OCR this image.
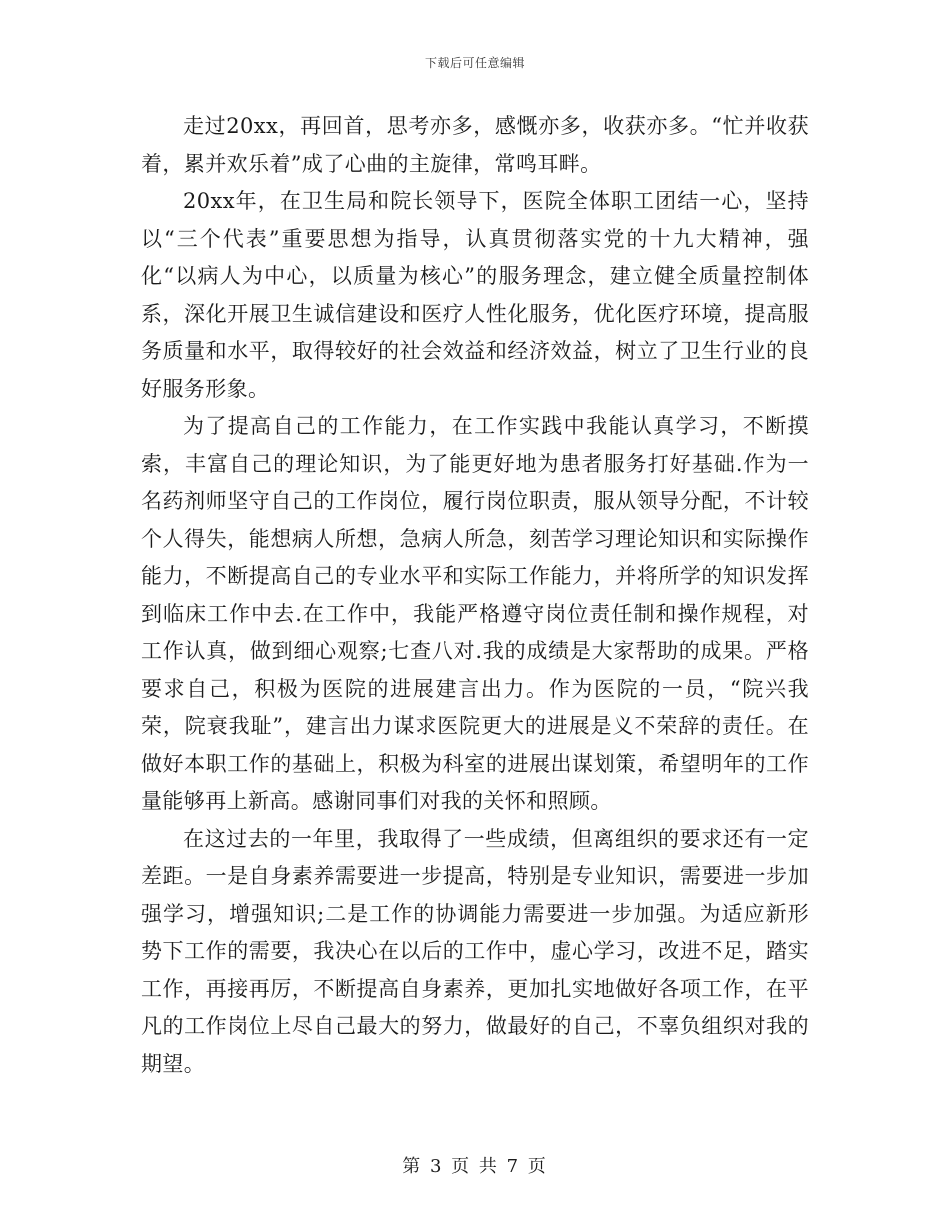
下载后可任意编辑

走过20xx，再回首，思考亦多，感慨亦多，收获亦多。“忙并收获着，累并欢乐着”成了心曲的主旋律，常鸣耳畔。

20xx年，在卫生局和院长领导下，医院全体职工团结一心，坚持以“三个代表”重要思想为指导，认真贯彻落实党的十九大精神，强化“以病人为中心，以质量为核心”的服务理念，建立健全质量控制体系，深化开展卫生诚信建设和医疗人性化服务，优化医疗环境，提高服务质量和水平，取得较好的社会效益和经济效益，树立了卫生行业的良好服务形象。

为了提高自己的工作能力，在工作实践中我能认真学习，不断摸索，丰富自己的理论知识，为了能更好地为患者服务打好基础.作为一名药剂师坚守自己的工作岗位，履行岗位职责，服从领导分配，不计较个人得失，能想病人所想，急病人所急，刻苦学习理论知识和实际操作能力，不断提高自己的专业水平和实际工作能力，并将所学的知识发挥到临床工作中去.在工作中，我能严格遵守岗位责任制和操作规程，对工作认真，做到细心观察;七查八对.我的成绩是大家帮助的成果。严格要求自己，积极为医院的进展建言出力。作为医院的一员，“院兴我荣，院衰我耻”，建言出力谋求医院更大的进展是义不荣辞的责任。在做好本职工作的基础上，积极为科室的进展出谋划策，希望明年的工作量能够再上新高。感谢同事们对我的关怀和照顾。

在这过去的一年里，我取得了一些成绩，但离组织的要求还有一定差距。一是自身素养需要进一步提高，特别是专业知识，需要进一步加强学习，增强知识;二是工作的协调能力需要进一步加强。为适应新形势下工作的需要，我决心在以后的工作中，虚心学习，改进不足，踏实工作，再接再厉，不断提高自身素养，更加扎实地做好各项工作，在平凡的工作岗位上尽自己最大的努力，做最好的自己，不辜负组织对我的期望。

第 3 页 共 7 页
